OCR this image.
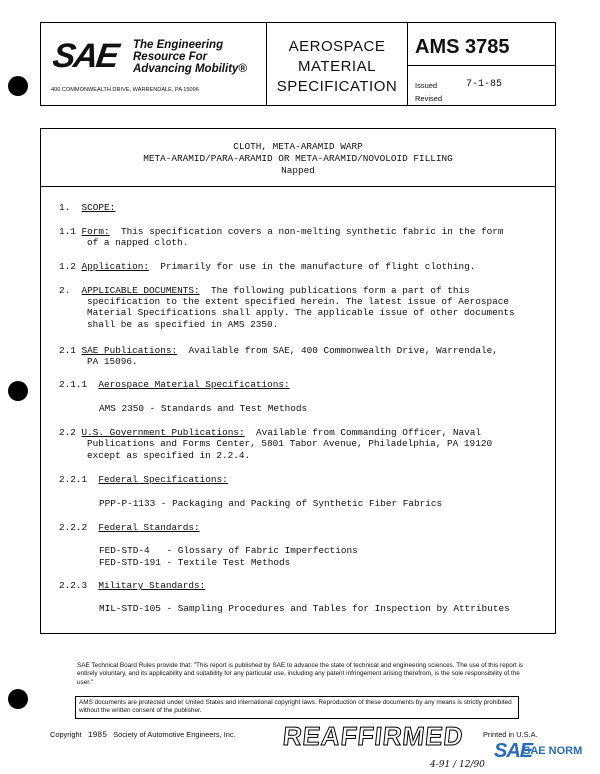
SAE The Engineering
Resource For
Advancing Mobility®
400 COMMONWEALTH DRIVE, WARRENDALE, PA 15096
AEROSPACE
MATERIAL
SPECIFICATION
AMS 3785
Issued	7-1-85
Revised
CLOTH, META-ARAMID WARP
META-ARAMID/PARA-ARAMID OR META-ARAMID/NOVOLOID FILLING
Napped
1. SCOPE:
1.1 Form: This specification covers a non-melting synthetic fabric in the form
of a napped cloth.
1.2 Application: Primarily for use in the manufacture of flight clothing.
2. APPLICABLE DOCUMENTS: The following publications form a part of this
specification to the extent specified herein. The latest issue of Aerospace
Material Specifications shall apply. The applicable issue of other documents
shall be as specified in AMS 2350.
2.1 SAE Publications: Available from SAE, 400 Commonwealth Drive, Warrendale,
PA 15096.
2.1.1 Aerospace Material Specifications:
AMS 2350 - Standards and Test Methods
2.2 U.S. Government Publications: Available from Commanding Officer, Naval
Publications and Forms Center, 5801 Tabor Avenue, Philadelphia, PA 19120
except as specified in 2.2.4.
2.2.1 Federal Specifications:
PPP-P-1133 - Packaging and Packing of Synthetic Fiber Fabrics
2.2.2 Federal Standards:
FED-STD-4   - Glossary of Fabric Imperfections
FED-STD-191 - Textile Test Methods
2.2.3 Military Standards:
MIL-STD-105 - Sampling Procedures and Tables for Inspection by Attributes
SAE Technical Board Rules provide that: "This report is published by SAE to advance the state of technical and engineering sciences. The use of this report is entirely voluntary, and its applicability and suitability for any particular use, including any patent infringement arising therefrom, is the sole responsibility of the user."
AMS documents are protected under United States and international copyright laws. Reproduction of these documents by any means is strictly prohibited without the written consent of the publisher.
Copyright 1985 Society of Automotive Engineers, Inc. REAFFIRMED Printed in U.S.A.
SAE
SAE NORM
4-91 / 12/90
